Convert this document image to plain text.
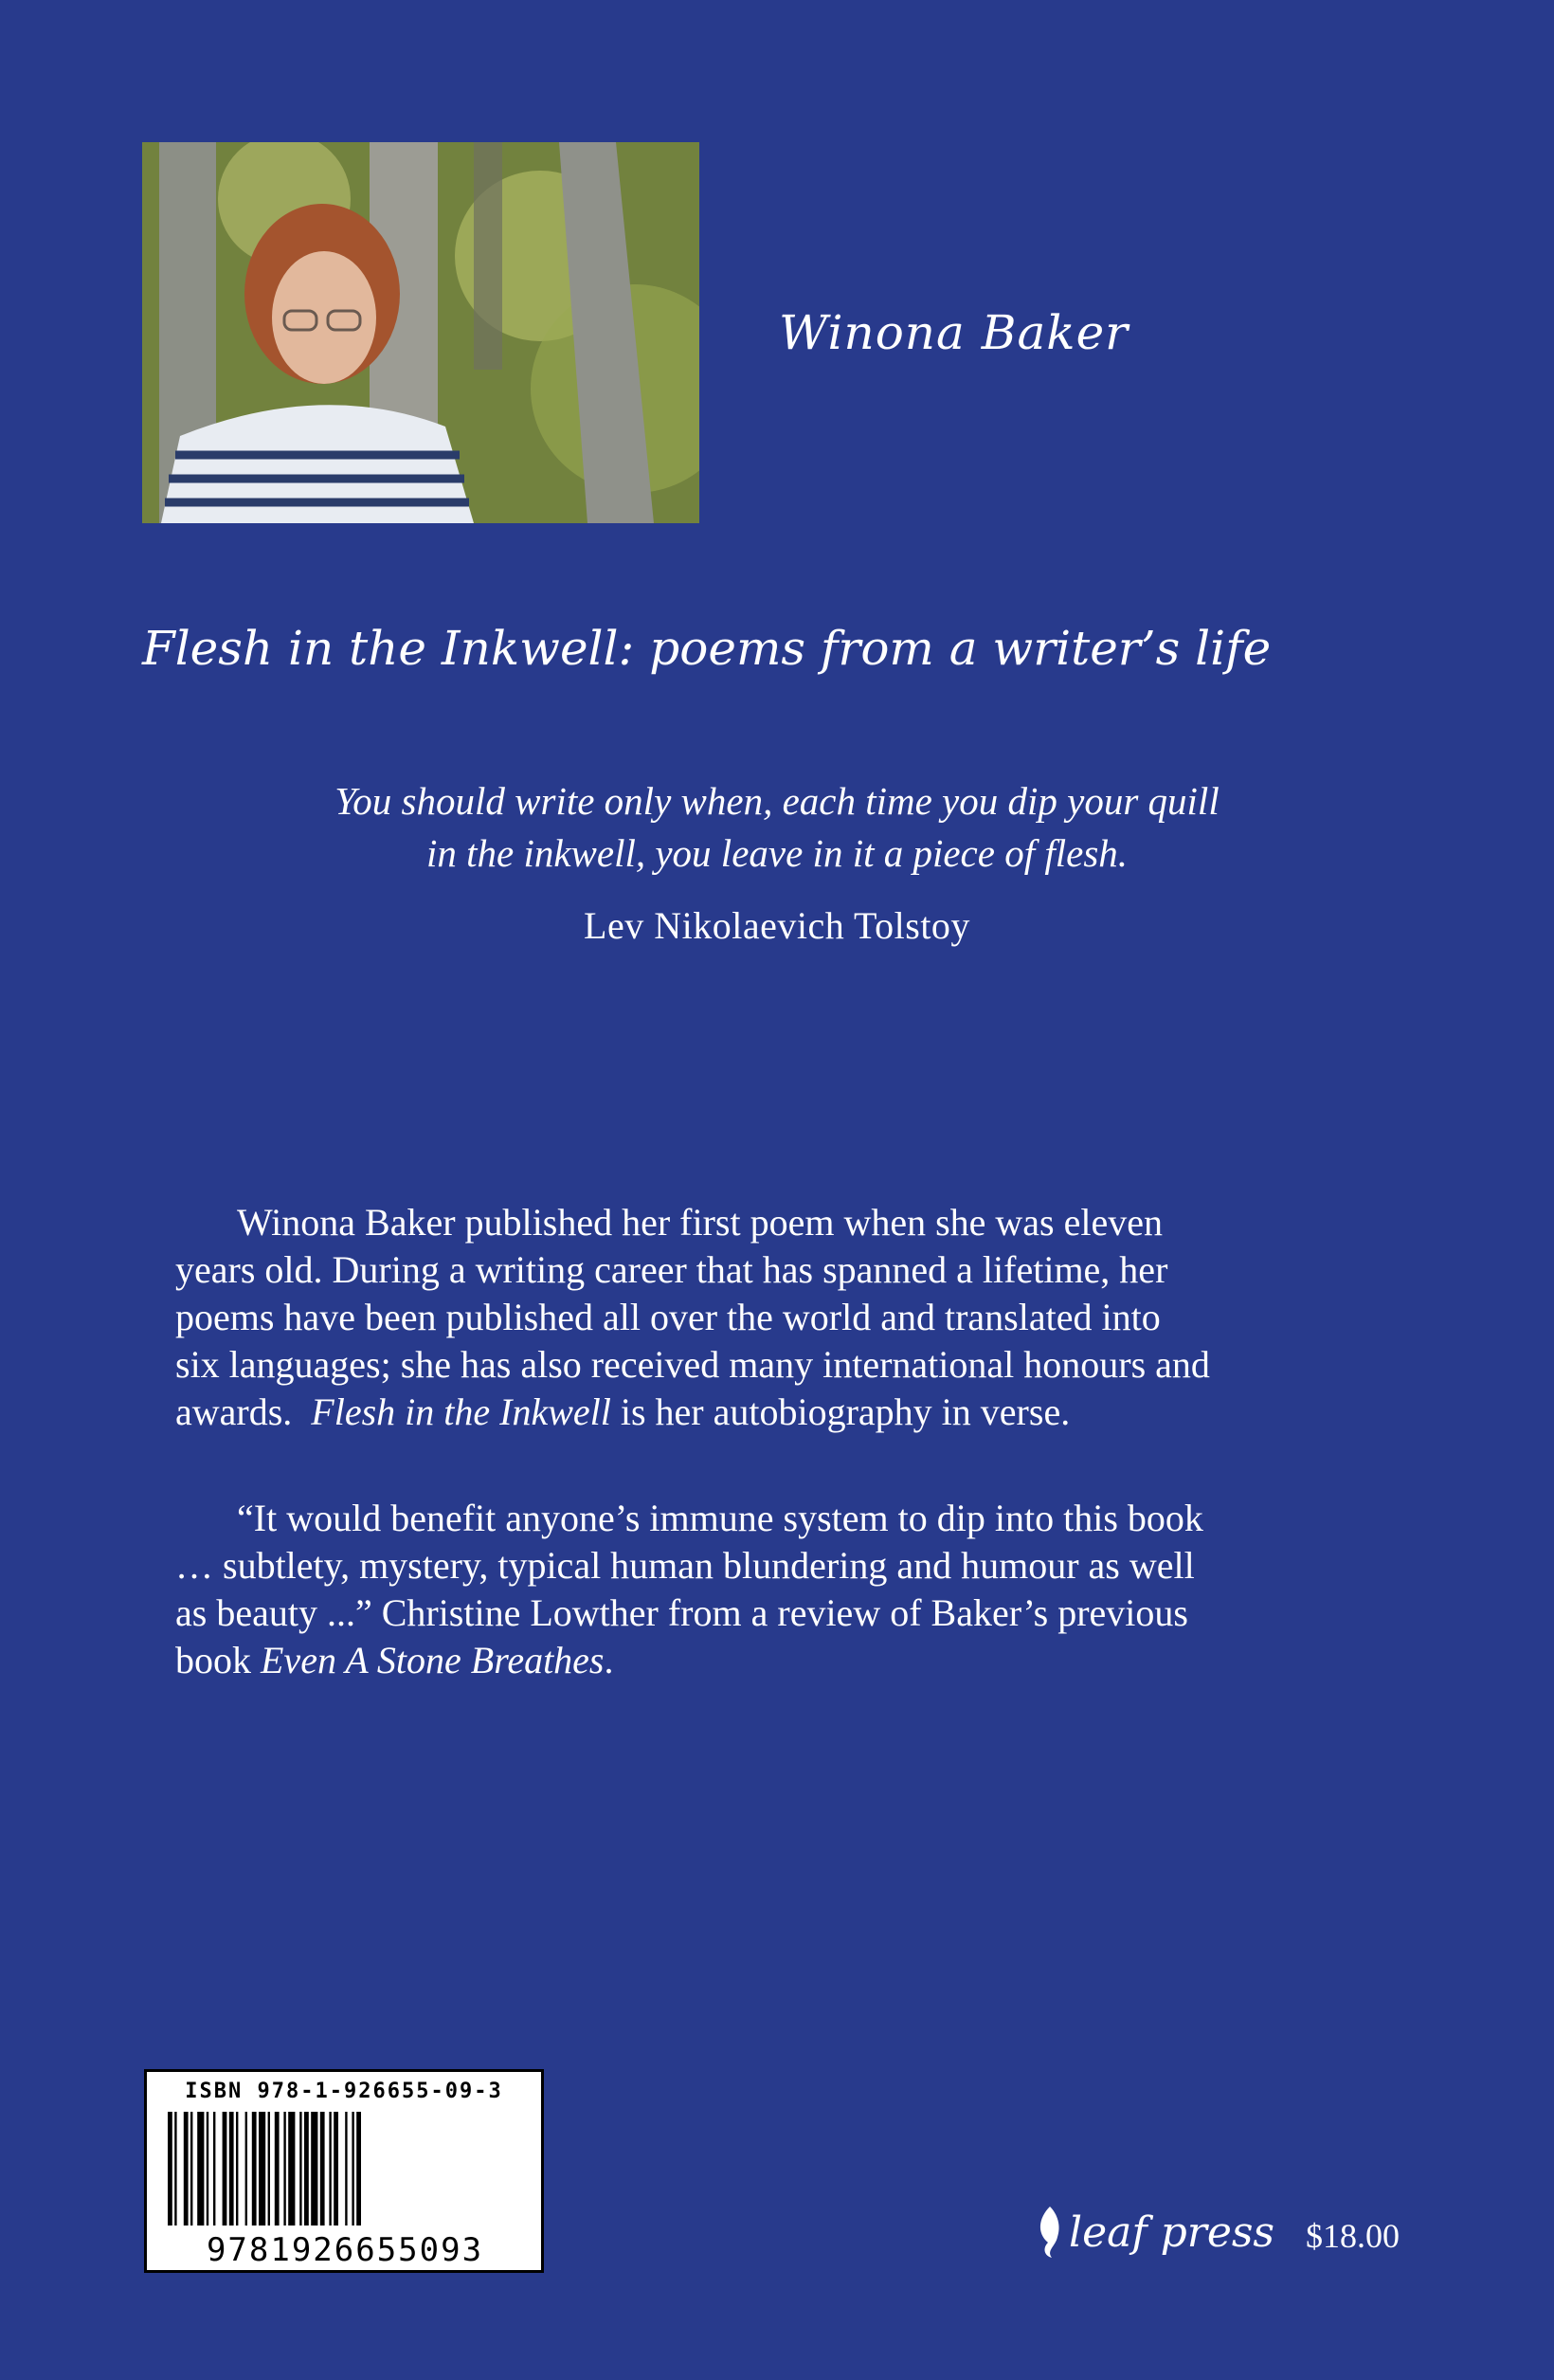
Winona Baker
Flesh in the Inkwell: poems from a writer’s life
You should write only when, each time you dip your quill
in the inkwell, you leave in it a piece of flesh.
Lev Nikolaevich Tolstoy
Winona Baker published her first poem when she was eleven
years old. During a writing career that has spanned a lifetime, her
poems have been published all over the world and translated into
six languages; she has also received many international honours and
awards.  Flesh in the Inkwell is her autobiography in verse.
“It would benefit anyone’s immune system to dip into this book
… subtlety, mystery, typical human blundering and humour as well
as beauty ...” Christine Lowther from a review of Baker’s previous
book Even A Stone Breathes.
ISBN 978-1-926655-09-3
9781926655093	leaf press $18.00
